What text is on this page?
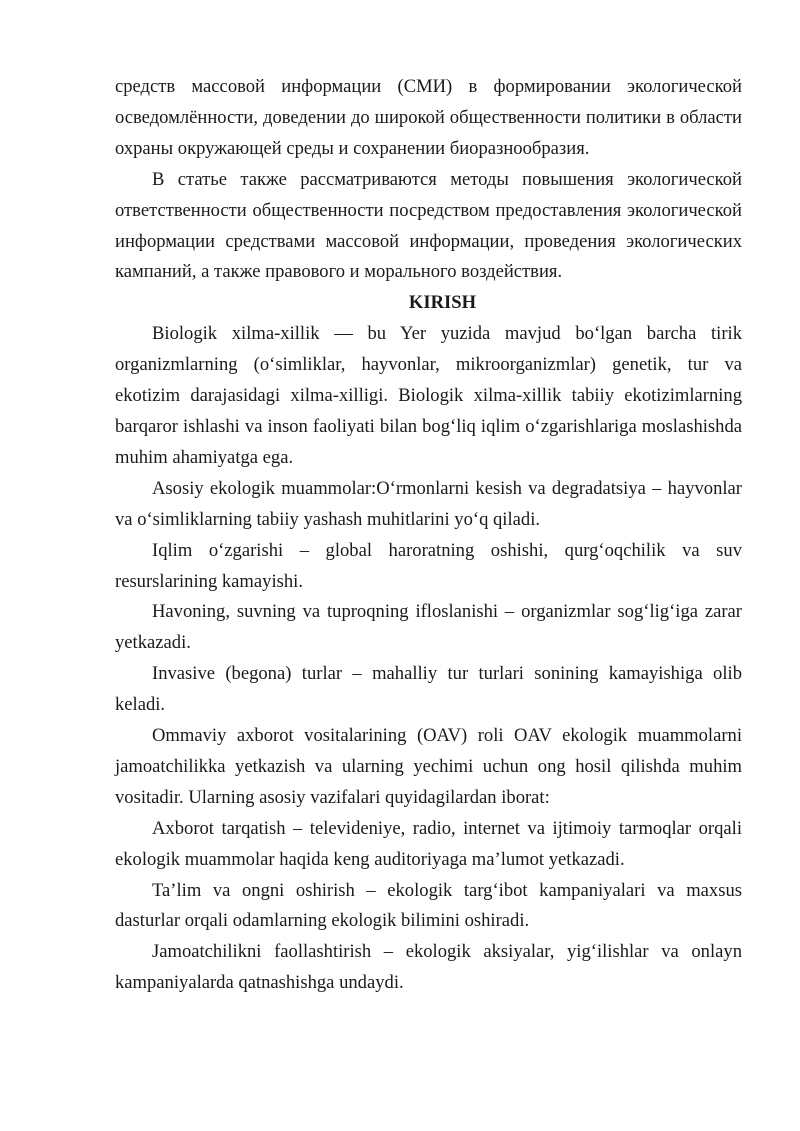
средств массовой информации (СМИ) в формировании экологической осведомлённости, доведении до широкой общественности политики в области охраны окружающей среды и сохранении биоразнообразия.

В статье также рассматриваются методы повышения экологической ответственности общественности посредством предоставления экологической информации средствами массовой информации, проведения экологических кампаний, а также правового и морального воздействия.

KIRISH

Biologik xilma-xillik — bu Yer yuzida mavjud boʻlgan barcha tirik organizmlarning (oʻsimliklar, hayvonlar, mikroorganizmlar) genetik, tur va ekotizim darajasidagi xilma-xilligi. Biologik xilma-xillik tabiiy ekotizimlarning barqaror ishlashi va inson faoliyati bilan bogʻliq iqlim oʻzgarishlariga moslashishda muhim ahamiyatga ega.

Asosiy ekologik muammolar:Oʻrmonlarni kesish va degradatsiya – hayvonlar va oʻsimliklarning tabiiy yashash muhitlarini yoʻq qiladi.

Iqlim oʻzgarishi – global haroratning oshishi, qurgʻoqchilik va suv resurslarining kamayishi.

Havoning, suvning va tuproqning ifloslanishi – organizmlar sogʻligʻiga zarar yetkazadi.

Invasive (begona) turlar – mahalliy tur turlari sonining kamayishiga olib keladi.

Ommaviy axborot vositalarining (OAV) roli OAV ekologik muammolarni jamoatchilikka yetkazish va ularning yechimi uchun ong hosil qilishda muhim vositadir. Ularning asosiy vazifalari quyidagilardan iborat:

Axborot tarqatish – televideniye, radio, internet va ijtimoiy tarmoqlar orqali ekologik muammolar haqida keng auditoriyaga maʼlumot yetkazadi.

Taʼlim va ongni oshirish – ekologik targʻibot kampaniyalari va maxsus dasturlar orqali odamlarning ekologik bilimini oshiradi.

Jamoatchilikni faollashtirish – ekologik aksiyalar, yigʻilishlar va onlayn kampaniyalarda qatnashishga undaydi.
